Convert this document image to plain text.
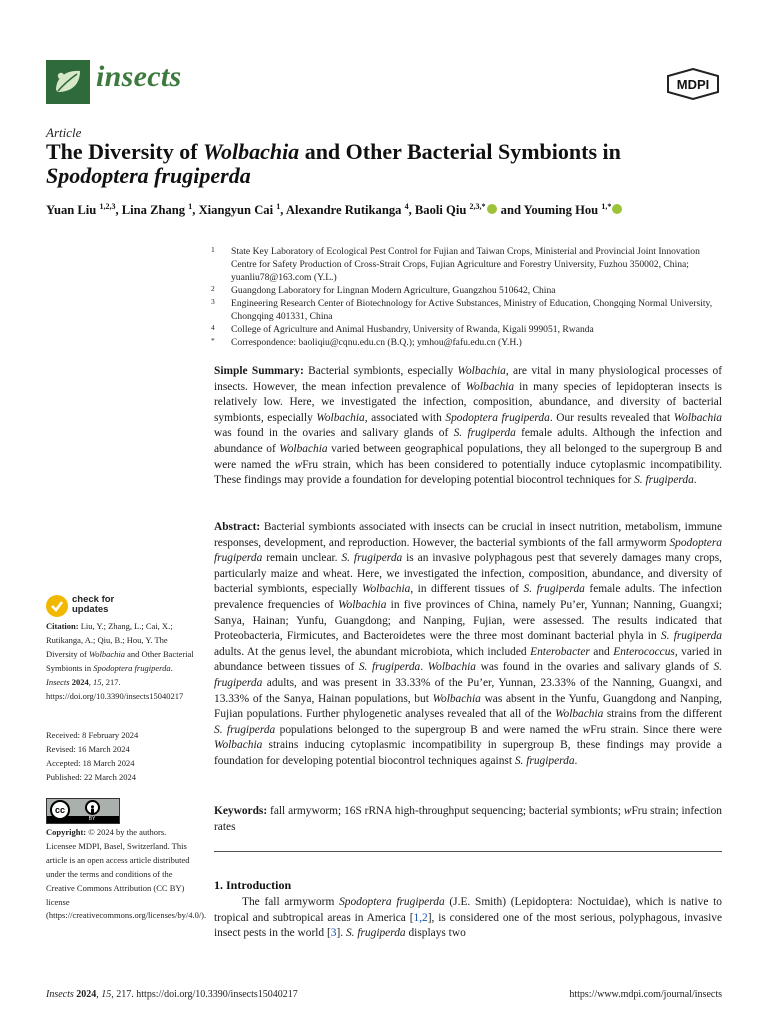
insects	MDPI
Article
The Diversity of Wolbachia and Other Bacterial Symbionts in Spodoptera frugiperda
Yuan Liu $^{1,2,3}$, Lina Zhang $^1$, Xiangyun Cai $^1$, Alexandre Rutikanga $^4$, Baoli Qiu $^{2,3,*}$ and Youming Hou $^{1,*}$
1 State Key Laboratory of Ecological Pest Control for Fujian and Taiwan Crops, Ministerial and Provincial Joint Innovation Centre for Safety Production of Cross-Strait Crops, Fujian Agriculture and Forestry University, Fuzhou 350002, China; yuanliu78@163.com (Y.L.)
2 Guangdong Laboratory for Lingnan Modern Agriculture, Guangzhou 510642, China
3 Engineering Research Center of Biotechnology for Active Substances, Ministry of Education, Chongqing Normal University, Chongqing 401331, China
4 College of Agriculture and Animal Husbandry, University of Rwanda, Kigali 999051, Rwanda
* Correspondence: baoliqiu@cqnu.edu.cn (B.Q.); ymhou@fafu.edu.cn (Y.H.)
Simple Summary: Bacterial symbionts, especially Wolbachia, are vital in many physiological processes of insects. However, the mean infection prevalence of Wolbachia in many species of lepidopteran insects is relatively low. Here, we investigated the infection, composition, abundance, and diversity of bacterial symbionts, especially Wolbachia, associated with Spodoptera frugiperda. Our results revealed that Wolbachia was found in the ovaries and salivary glands of S. frugiperda female adults. Although the infection and abundance of Wolbachia varied between geographical populations, they all belonged to the supergroup B and were named the wFru strain, which has been considered to potentially induce cytoplasmic incompatibility. These findings may provide a foundation for developing potential biocontrol techniques for S. frugiperda.
Abstract: Bacterial symbionts associated with insects can be crucial in insect nutrition, metabolism, immune responses, development, and reproduction. However, the bacterial symbionts of the fall armyworm Spodoptera frugiperda remain unclear. S. frugiperda is an invasive polyphagous pest that severely damages many crops, particularly maize and wheat. Here, we investigated the infection, composition, abundance, and diversity of bacterial symbionts, especially Wolbachia, in different tissues of S. frugiperda female adults. The infection prevalence frequencies of Wolbachia in five provinces of China, namely Pu’er, Yunnan; Nanning, Guangxi; Sanya, Hainan; Yunfu, Guangdong; and Nanping, Fujian, were assessed. The results indicated that Proteobacteria, Firmicutes, and Bacteroidetes were the three most dominant bacterial phyla in S. frugiperda adults. At the genus level, the abundant microbiota, which included Enterobacter and Enterococcus, varied in abundance between tissues of S. frugiperda. Wolbachia was found in the ovaries and salivary glands of S. frugiperda adults, and was present in 33.33% of the Pu’er, Yunnan, 23.33% of the Nanning, Guangxi, and 13.33% of the Sanya, Hainan populations, but Wolbachia was absent in the Yunfu, Guangdong and Nanping, Fujian populations. Further phylogenetic analyses revealed that all of the Wolbachia strains from the different S. frugiperda populations belonged to the supergroup B and were named the wFru strain. Since there were Wolbachia strains inducing cytoplasmic incompatibility in supergroup B, these findings may provide a foundation for developing potential biocontrol techniques against S. frugiperda.
Keywords: fall armyworm; 16S rRNA high-throughput sequencing; bacterial symbionts; wFru strain; infection rates
check for
updates
Citation: Liu, Y.; Zhang, L.; Cai, X.; Rutikanga, A.; Qiu, B.; Hou, Y. The Diversity of Wolbachia and Other Bacterial Symbionts in Spodoptera frugiperda. Insects 2024, 15, 217. https://doi.org/10.3390/insects15040217
Received: 8 February 2024
Revised: 16 March 2024
Accepted: 18 March 2024
Published: 22 March 2024
cc
BY
Copyright: © 2024 by the authors. Licensee MDPI, Basel, Switzerland. This article is an open access article distributed under the terms and conditions of the Creative Commons Attribution (CC BY) license (https://creativecommons.org/licenses/by/4.0/).
1. Introduction
The fall armyworm Spodoptera frugiperda (J.E. Smith) (Lepidoptera: Noctuidae), which is native to tropical and subtropical areas in America [1,2], is considered one of the most serious, polyphagous, invasive insect pests in the world [3]. S. frugiperda displays two
Insects 2024, 15, 217. https://doi.org/10.3390/insects15040217	https://www.mdpi.com/journal/insects
